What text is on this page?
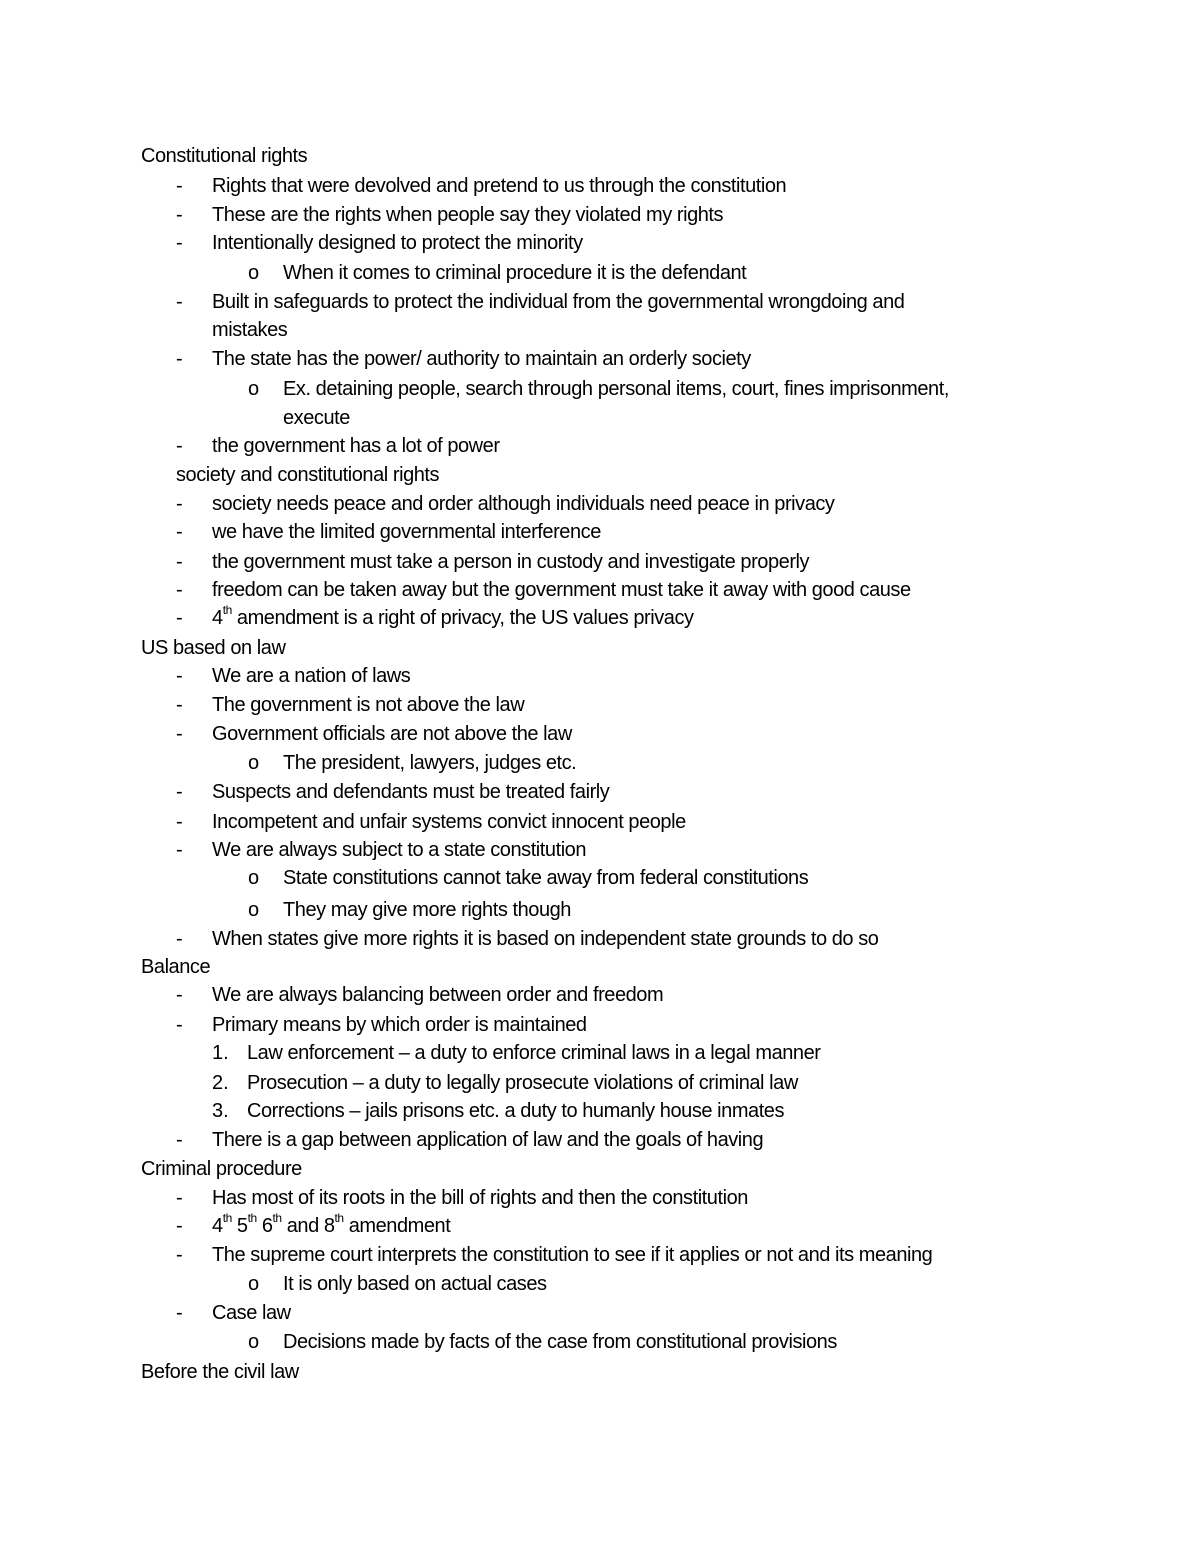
Constitutional rights
- Rights that were devolved and pretend to us through the constitution
- These are the rights when people say they violated my rights
- Intentionally designed to protect the minority
o When it comes to criminal procedure it is the defendant
- Built in safeguards to protect the individual from the governmental wrongdoing and
mistakes
- The state has the power/ authority to maintain an orderly society
o Ex. detaining people, search through personal items, court, fines imprisonment,
execute
- the government has a lot of power
society and constitutional rights
- society needs peace and order although individuals need peace in privacy
- we have the limited governmental interference
- the government must take a person in custody and investigate properly
- freedom can be taken away but the government must take it away with good cause
- 4th amendment is a right of privacy, the US values privacy
US based on law
- We are a nation of laws
- The government is not above the law
- Government officials are not above the law
o The president, lawyers, judges etc.
- Suspects and defendants must be treated fairly
- Incompetent and unfair systems convict innocent people
- We are always subject to a state constitution
o State constitutions cannot take away from federal constitutions
o They may give more rights though
- When states give more rights it is based on independent state grounds to do so
Balance
- We are always balancing between order and freedom
- Primary means by which order is maintained
1. Law enforcement – a duty to enforce criminal laws in a legal manner
2. Prosecution – a duty to legally prosecute violations of criminal law
3. Corrections – jails prisons etc. a duty to humanly house inmates
- There is a gap between application of law and the goals of having
Criminal procedure
- Has most of its roots in the bill of rights and then the constitution
- 4th 5th 6th and 8th amendment
- The supreme court interprets the constitution to see if it applies or not and its meaning
o It is only based on actual cases
- Case law
o Decisions made by facts of the case from constitutional provisions
Before the civil law
